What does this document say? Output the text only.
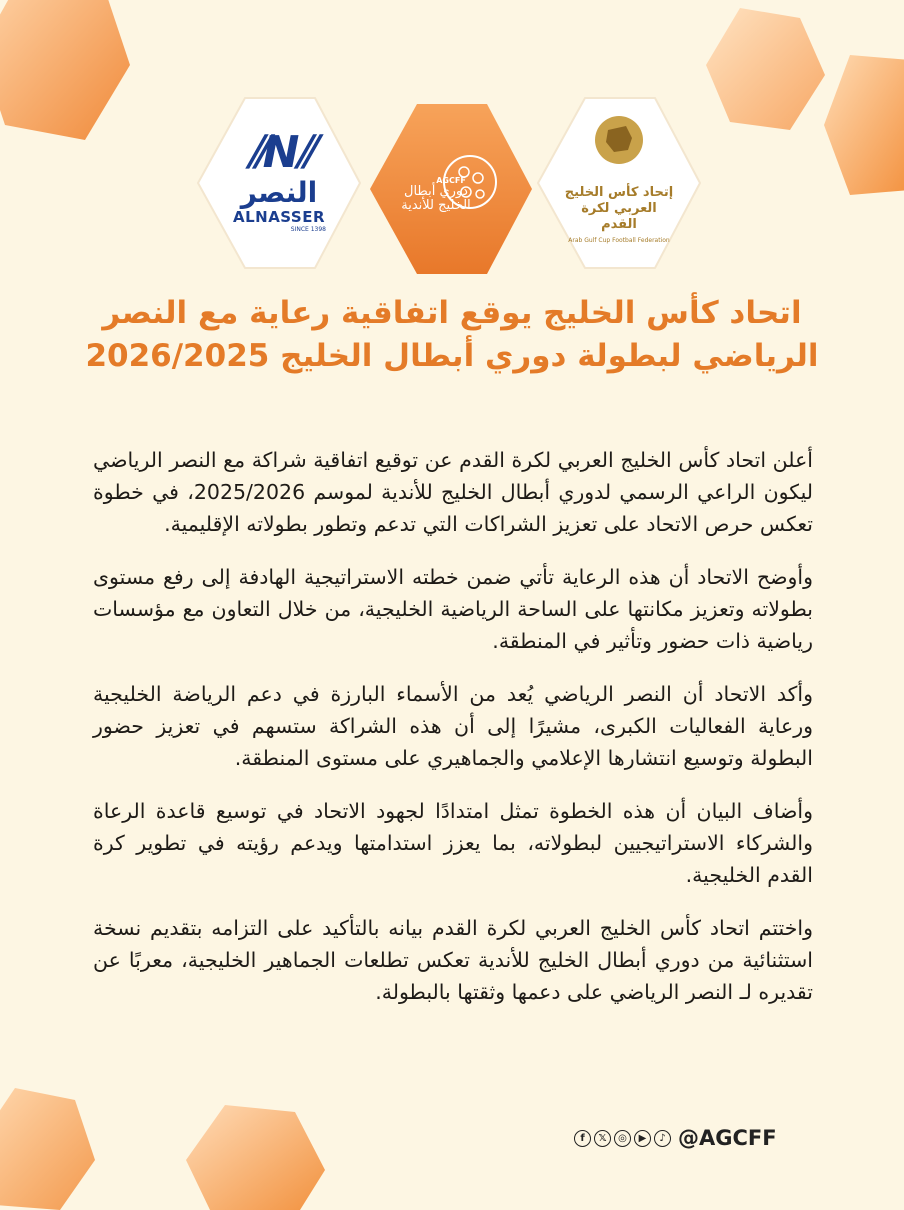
⫽N⫽
النصر
ALNASSER
SINCE 1398
AGCFF
دوري أبطال الخليج للأندية
إتحاد كأس الخليج العربي لكرة القدم
Arab Gulf Cup Football Federation
اتحاد كأس الخليج يوقع اتفاقية رعاية مع النصر الرياضي لبطولة دوري أبطال الخليج 2026/2025

أعلن اتحاد كأس الخليج العربي لكرة القدم عن توقيع اتفاقية شراكة مع النصر الرياضي ليكون الراعي الرسمي لدوري أبطال الخليج للأندية لموسم 2025/2026، في خطوة تعكس حرص الاتحاد على تعزيز الشراكات التي تدعم وتطور بطولاته الإقليمية.

وأوضح الاتحاد أن هذه الرعاية تأتي ضمن خطته الاستراتيجية الهادفة إلى رفع مستوى بطولاته وتعزيز مكانتها على الساحة الرياضية الخليجية، من خلال التعاون مع مؤسسات رياضية ذات حضور وتأثير في المنطقة.

وأكد الاتحاد أن النصر الرياضي يُعد من الأسماء البارزة في دعم الرياضة الخليجية ورعاية الفعاليات الكبرى، مشيرًا إلى أن هذه الشراكة ستسهم في تعزيز حضور البطولة وتوسيع انتشارها الإعلامي والجماهيري على مستوى المنطقة.

وأضاف البيان أن هذه الخطوة تمثل امتدادًا لجهود الاتحاد في توسيع قاعدة الرعاة والشركاء الاستراتيجيين لبطولاته، بما يعزز استدامتها ويدعم رؤيته في تطوير كرة القدم الخليجية.

واختتم اتحاد كأس الخليج العربي لكرة القدم بيانه بالتأكيد على التزامه بتقديم نسخة استثنائية من دوري أبطال الخليج للأندية تعكس تطلعات الجماهير الخليجية، معربًا عن تقديره لـ النصر الرياضي على دعمها وثقتها بالبطولة.

f	𝕏	◎	▶	♪ @AGCFF
